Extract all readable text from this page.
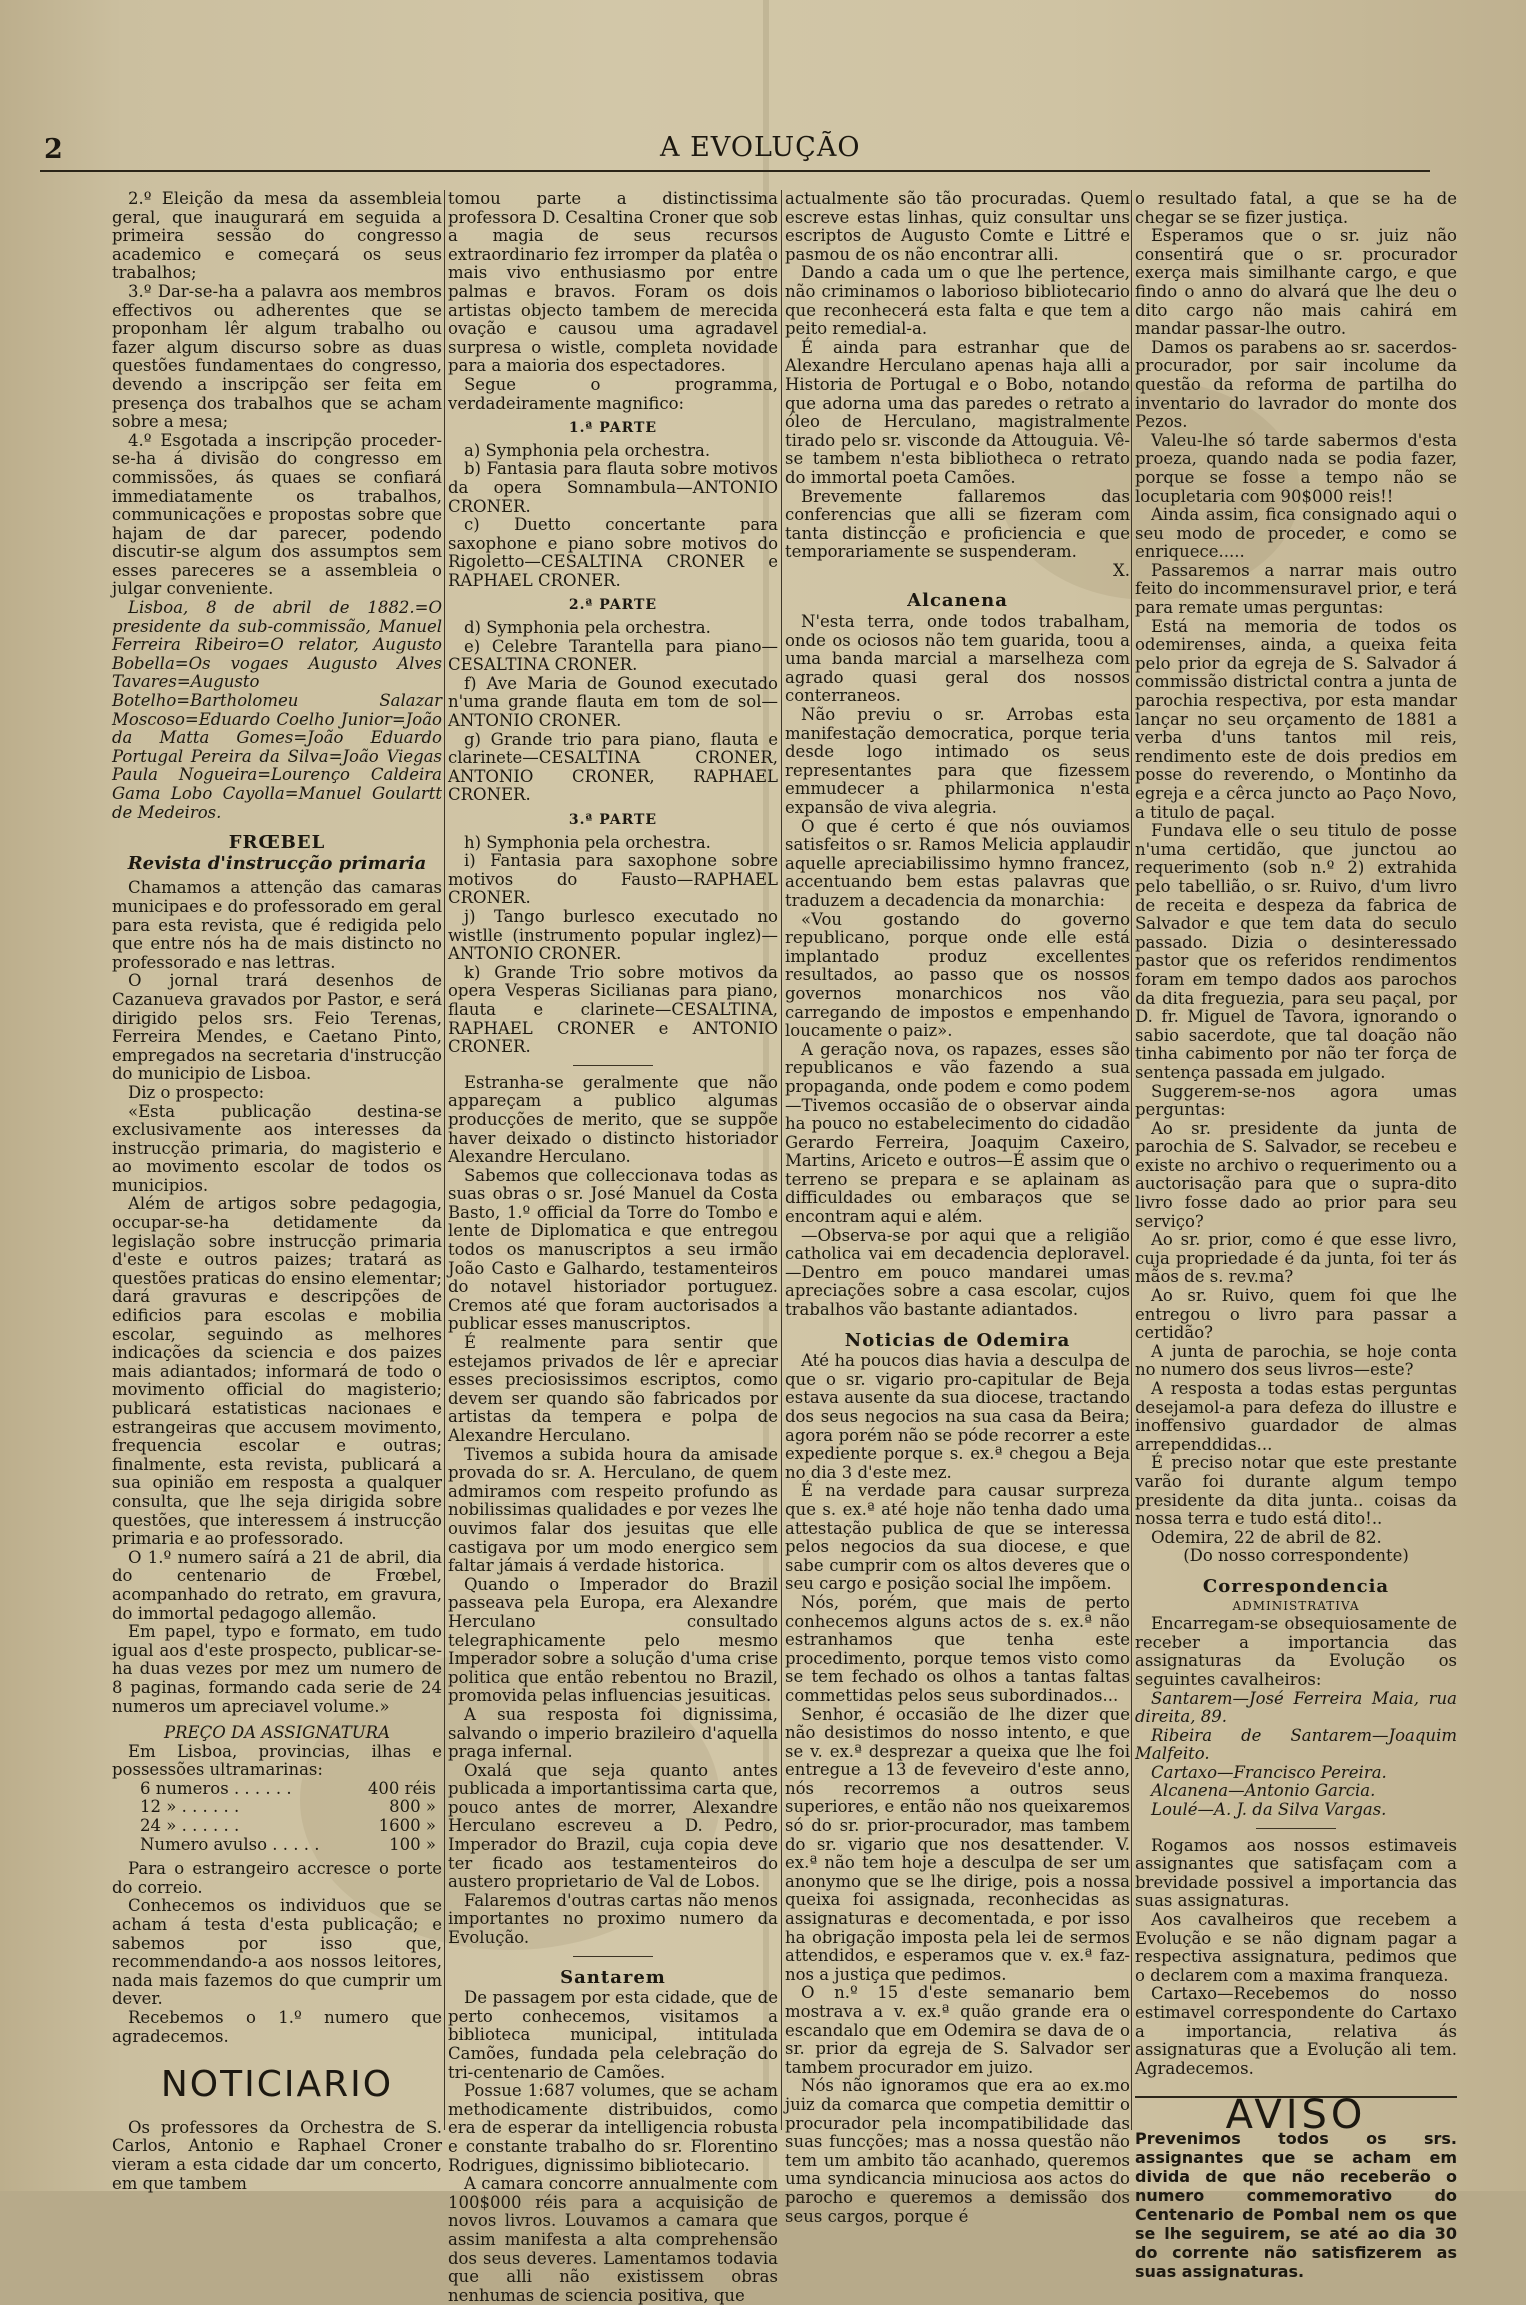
2	A EVOLUÇÃO

2.º Eleição da mesa da assembleia geral, que inaugurará em seguida a primeira sessão do congresso academico e começará os seus trabalhos;

3.º Dar-se-ha a palavra aos membros effectivos ou adherentes que se proponham lêr algum trabalho ou fazer algum discurso sobre as duas questões fundamentaes do congresso, devendo a inscripção ser feita em presença dos trabalhos que se acham sobre a mesa;

4.º Esgotada a inscripção proceder-se-ha á divisão do congresso em commissões, ás quaes se confiará immediatamente os trabalhos, communicações e propostas sobre que hajam de dar parecer, podendo discutir-se algum dos assumptos sem esses pareceres se a assembleia o julgar conveniente.

Lisboa, 8 de abril de 1882.=O presidente da sub-commissão, Manuel Ferreira Ribeiro=O relator, Augusto Bobella=Os vogaes Augusto Alves Tavares=Augusto Botelho=Bartholomeu Salazar Moscoso=Eduardo Coelho Junior=João da Matta Gomes=João Eduardo Portugal Pereira da Silva=João Viegas Paula Nogueira=Lourenço Caldeira Gama Lobo Cayolla=Manuel Goulartt de Medeiros.

FRŒBEL
Revista d'instrucção primaria

Chamamos a attenção das camaras municipaes e do professorado em geral para esta revista, que é redigida pelo que entre nós ha de mais distincto no professorado e nas lettras.

O jornal trará desenhos de Cazanueva gravados por Pastor, e será dirigido pelos srs. Feio Terenas, Ferreira Mendes, e Caetano Pinto, empregados na secretaria d'instrucção do municipio de Lisboa.

Diz o prospecto:

«Esta publicação destina-se exclusivamente aos interesses da instrucção primaria, do magisterio e ao movimento escolar de todos os municipios.

Além de artigos sobre pedagogia, occupar-se-ha detidamente da legislação sobre instrucção primaria d'este e outros paizes; tratará as questões praticas do ensino elementar; dará gravuras e descripções de edificios para escolas e mobilia escolar, seguindo as melhores indicações da sciencia e dos paizes mais adiantados; informará de todo o movimento official do magisterio; publicará estatisticas nacionaes e estrangeiras que accusem movimento, frequencia escolar e outras; finalmente, esta revista, publicará a sua opinião em resposta a qualquer consulta, que lhe seja dirigida sobre questões, que interessem á instrucção primaria e ao professorado.

O 1.º numero saírá a 21 de abril, dia do centenario de Frœbel, acompanhado do retrato, em gravura, do immortal pedagogo allemão.

Em papel, typo e formato, em tudo igual aos d'este prospecto, publicar-se-ha duas vezes por mez um numero de 8 paginas, formando cada serie de 24 numeros um apreciavel volume.»

PREÇO DA ASSIGNATURA

Em Lisboa, provincias, ilhas e possessões ultramarinas:

6 numeros . . . . . .	400 réis
12 » . . . . . .	800 »
24 » . . . . . .	1600 »
Numero avulso . . . . .	100 »

Para o estrangeiro accresce o porte do correio.

Conhecemos os individuos que se acham á testa d'esta publicação; e sabemos por isso que, recommendando-a aos nossos leitores, nada mais fazemos do que cumprir um dever.

Recebemos o 1.º numero que agradecemos.

NOTICIARIO

Os professores da Orchestra de S. Carlos, Antonio e Raphael Croner vieram a esta cidade dar um concerto, em que tambem

tomou parte a distinctissima professora D. Cesaltina Croner que sob a magia de seus recursos extraordinario fez irromper da platêa o mais vivo enthusiasmo por entre palmas e bravos. Foram os dois artistas objecto tambem de merecida ovação e causou uma agradavel surpresa o wistle, completa novidade para a maioria dos espectadores.

Segue o programma, verdadeiramente magnifico:

1.ª PARTE

a) Symphonia pela orchestra.

b) Fantasia para flauta sobre motivos da opera Somnambula—ANTONIO CRONER.

c) Duetto concertante para saxophone e piano sobre motivos do Rigoletto—CESALTINA CRONER e RAPHAEL CRONER.

2.ª PARTE

d) Symphonia pela orchestra.

e) Celebre Tarantella para piano—CESALTINA CRONER.

f) Ave Maria de Gounod executado n'uma grande flauta em tom de sol—ANTONIO CRONER.

g) Grande trio para piano, flauta e clarinete—CESALTINA CRONER, ANTONIO CRONER, RAPHAEL CRONER.

3.ª PARTE

h) Symphonia pela orchestra.

i) Fantasia para saxophone sobre motivos do Fausto—RAPHAEL CRONER.

j) Tango burlesco executado no wistlle (instrumento popular inglez)—ANTONIO CRONER.

k) Grande Trio sobre motivos da opera Vesperas Sicilianas para piano, flauta e clarinete—CESALTINA, RAPHAEL CRONER e ANTONIO CRONER.

Estranha-se geralmente que não appareçam a publico algumas producções de merito, que se suppõe haver deixado o distincto historiador Alexandre Herculano.

Sabemos que colleccionava todas as suas obras o sr. José Manuel da Costa Basto, 1.º official da Torre do Tombo e lente de Diplomatica e que entregou todos os manuscriptos a seu irmão João Casto e Galhardo, testamenteiros do notavel historiador portuguez. Cremos até que foram auctorisados a publicar esses manuscriptos.

É realmente para sentir que estejamos privados de lêr e apreciar esses preciosissimos escriptos, como devem ser quando são fabricados por artistas da tempera e polpa de Alexandre Herculano.

Tivemos a subida houra da amisade provada do sr. A. Herculano, de quem admiramos com respeito profundo as nobilissimas qualidades e por vezes lhe ouvimos falar dos jesuitas que elle castigava por um modo energico sem faltar jámais á verdade historica.

Quando o Imperador do Brazil passeava pela Europa, era Alexandre Herculano consultado telegraphicamente pelo mesmo Imperador sobre a solução d'uma crise politica que então rebentou no Brazil, promovida pelas influencias jesuiticas.

A sua resposta foi dignissima, salvando o imperio brazileiro d'aquella praga infernal.

Oxalá que seja quanto antes publicada a importantissima carta que, pouco antes de morrer, Alexandre Herculano escreveu a D. Pedro, Imperador do Brazil, cuja copia deve ter ficado aos testamenteiros do austero proprietario de Val de Lobos.

Falaremos d'outras cartas não menos importantes no proximo numero da Evolução.

Santarem

De passagem por esta cidade, que de perto conhecemos, visitamos a biblioteca municipal, intitulada Camões, fundada pela celebração do tri-centenario de Camões.

Possue 1:687 volumes, que se acham methodicamente distribuidos, como era de esperar da intelligencia robusta e constante trabalho do sr. Florentino Rodrigues, dignissimo bibliotecario.

A camara concorre annualmente com 100$000 réis para a acquisição de novos livros. Louvamos a camara que assim manifesta a alta comprehensão dos seus deveres. Lamentamos todavia que alli não existissem obras nenhumas de sciencia positiva, que

actualmente são tão procuradas. Quem escreve estas linhas, quiz consultar uns escriptos de Augusto Comte e Littré e pasmou de os não encontrar alli.

Dando a cada um o que lhe pertence, não criminamos o laborioso bibliotecario que reconhecerá esta falta e que tem a peito remedial-a.

É ainda para estranhar que de Alexandre Herculano apenas haja alli a Historia de Portugal e o Bobo, notando que adorna uma das paredes o retrato a óleo de Herculano, magistralmente tirado pelo sr. visconde da Attouguia. Vê-se tambem n'esta bibliotheca o retrato do immortal poeta Camões.

Brevemente fallaremos das conferencias que alli se fizeram com tanta distincção e proficiencia e que temporariamente se suspenderam.

X.

Alcanena

N'esta terra, onde todos trabalham, onde os ociosos não tem guarida, toou a uma banda marcial a marselheza com agrado quasi geral dos nossos conterraneos.

Não previu o sr. Arrobas esta manifestação democratica, porque teria desde logo intimado os seus representantes para que fizessem emmudecer a philarmonica n'esta expansão de viva alegria.

O que é certo é que nós ouviamos satisfeitos o sr. Ramos Melicia applaudir aquelle apreciabilissimo hymno francez, accentuando bem estas palavras que traduzem a decadencia da monarchia:

«Vou gostando do governo republicano, porque onde elle está implantado produz excellentes resultados, ao passo que os nossos governos monarchicos nos vão carregando de impostos e empenhando loucamente o paiz».

A geração nova, os rapazes, esses são republicanos e vão fazendo a sua propaganda, onde podem e como podem—Tivemos occasião de o observar ainda ha pouco no estabelecimento do cidadão Gerardo Ferreira, Joaquim Caxeiro, Martins, Ariceto e outros—É assim que o terreno se prepara e se aplainam as difficuldades ou embaraços que se encontram aqui e além.

—Observa-se por aqui que a religião catholica vai em decadencia deploravel.—Dentro em pouco mandarei umas apreciações sobre a casa escolar, cujos trabalhos vão bastante adiantados.

Noticias de Odemira

Até ha poucos dias havia a desculpa de que o sr. vigario pro-capitular de Beja estava ausente da sua diocese, tractando dos seus negocios na sua casa da Beira; agora porém não se póde recorrer a este expediente porque s. ex.ª chegou a Beja no dia 3 d'este mez.

É na verdade para causar surpreza que s. ex.ª até hoje não tenha dado uma attestação publica de que se interessa pelos negocios da sua diocese, e que sabe cumprir com os altos deveres que o seu cargo e posição social lhe impõem.

Nós, porém, que mais de perto conhecemos alguns actos de s. ex.ª não estranhamos que tenha este procedimento, porque temos visto como se tem fechado os olhos a tantas faltas commettidas pelos seus subordinados...

Senhor, é occasião de lhe dizer que não desistimos do nosso intento, e que se v. ex.ª desprezar a queixa que lhe foi entregue a 13 de feveveiro d'este anno, nós recorremos a outros seus superiores, e então não nos queixaremos só do sr. prior-procurador, mas tambem do sr. vigario que nos desattender. V. ex.ª não tem hoje a desculpa de ser um anonymo que se lhe dirige, pois a nossa queixa foi assignada, reconhecidas as assignaturas e decomentada, e por isso ha obrigação imposta pela lei de sermos attendidos, e esperamos que v. ex.ª faz-nos a justiça que pedimos.

O n.º 15 d'este semanario bem mostrava a v. ex.ª quão grande era o escandalo que em Odemira se dava de o sr. prior da egreja de S. Salvador ser tambem procurador em juizo.

Nós não ignoramos que era ao ex.mo juiz da comarca que competia demittir o procurador pela incompatibilidade das suas funcções; mas a nossa questão não tem um ambito tão acanhado, queremos uma syndicancia minuciosa aos actos do parocho e queremos a demissão dos seus cargos, porque é

o resultado fatal, a que se ha de chegar se se fizer justiça.

Esperamos que o sr. juiz não consentirá que o sr. procurador exerça mais similhante cargo, e que findo o anno do alvará que lhe deu o dito cargo não mais cahirá em mandar passar-lhe outro.

Damos os parabens ao sr. sacerdos-procurador, por sair incolume da questão da reforma de partilha do inventario do lavrador do monte dos Pezos.

Valeu-lhe só tarde sabermos d'esta proeza, quando nada se podia fazer, porque se fosse a tempo não se locupletaria com 90$000 reis!!

Ainda assim, fica consignado aqui o seu modo de proceder, e como se enriquece.....

Passaremos a narrar mais outro feito do incommensuravel prior, e terá para remate umas perguntas:

Está na memoria de todos os odemirenses, ainda, a queixa feita pelo prior da egreja de S. Salvador á commissão districtal contra a junta de parochia respectiva, por esta mandar lançar no seu orçamento de 1881 a verba d'uns tantos mil reis, rendimento este de dois predios em posse do reverendo, o Montinho da egreja e a cêrca juncto ao Paço Novo, a titulo de paçal.

Fundava elle o seu titulo de posse n'uma certidão, que junctou ao requerimento (sob n.º 2) extrahida pelo tabellião, o sr. Ruivo, d'um livro de receita e despeza da fabrica de Salvador e que tem data do seculo passado. Dizia o desinteressado pastor que os referidos rendimentos foram em tempo dados aos parochos da dita freguezia, para seu paçal, por D. fr. Miguel de Tavora, ignorando o sabio sacerdote, que tal doação não tinha cabimento por não ter força de sentença passada em julgado.

Suggerem-se-nos agora umas perguntas:

Ao sr. presidente da junta de parochia de S. Salvador, se recebeu e existe no archivo o requerimento ou a auctorisação para que o supra-dito livro fosse dado ao prior para seu serviço?

Ao sr. prior, como é que esse livro, cuja propriedade é da junta, foi ter ás mãos de s. rev.ma?

Ao sr. Ruivo, quem foi que lhe entregou o livro para passar a certidão?

A junta de parochia, se hoje conta no numero dos seus livros—este?

A resposta a todas estas perguntas desejamol-a para defeza do illustre e inoffensivo guardador de almas arrependdidas...

É preciso notar que este prestante varão foi durante algum tempo presidente da dita junta.. coisas da nossa terra e tudo está dito!..

Odemira, 22 de abril de 82.

(Do nosso correspondente)

Correspondencia
ADMINISTRATIVA

Encarregam-se obsequiosamente de receber a importancia das assignaturas da Evolução os seguintes cavalheiros:

Santarem—José Ferreira Maia, rua direita, 89.

Ribeira de Santarem—Joaquim Malfeito.

Cartaxo—Francisco Pereira.

Alcanena—Antonio Garcia.

Loulé—A. J. da Silva Vargas.

Rogamos aos nossos estimaveis assignantes que satisfaçam com a brevidade possivel a importancia das suas assignaturas.

Aos cavalheiros que recebem a Evolução e se não dignam pagar a respectiva assignatura, pedimos que o declarem com a maxima franqueza.

Cartaxo—Recebemos do nosso estimavel correspondente do Cartaxo a importancia, relativa ás assignaturas que a Evolução ali tem. Agradecemos.

AVISO
Prevenimos todos os srs. assignantes que se acham em divida de que não receberão o numero commemorativo do Centenario de Pombal nem os que se lhe seguirem, se até ao dia 30 do corrente não satisfizerem as suas assignaturas.
